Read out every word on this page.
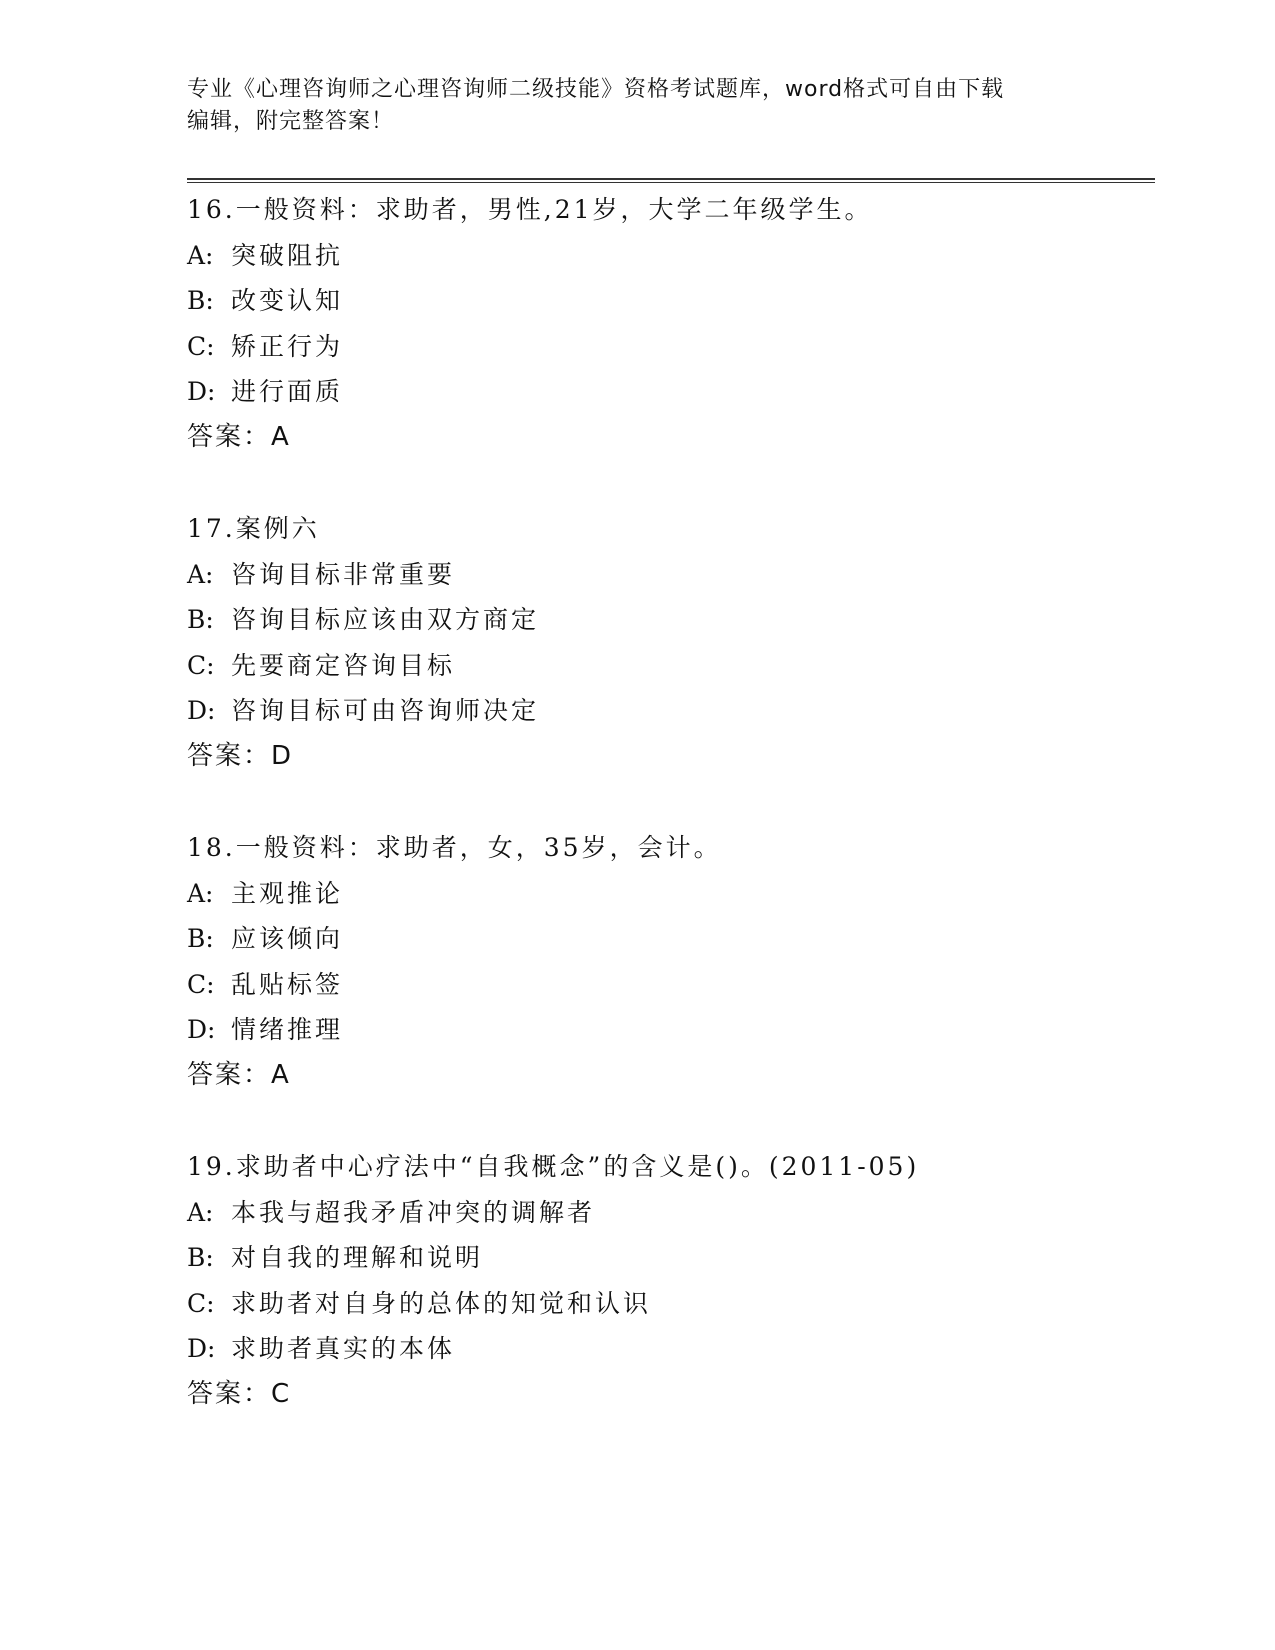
专业《心理咨询师之心理咨询师二级技能》资格考试题库，word格式可自由下载
编辑，附完整答案！
16.一般资料：求助者，男性,21岁，大学二年级学生。
A: 突破阻抗
B: 改变认知
C: 矫正行为
D: 进行面质
答案：A
17.案例六
A: 咨询目标非常重要
B: 咨询目标应该由双方商定
C: 先要商定咨询目标
D: 咨询目标可由咨询师决定
答案：D
18.一般资料：求助者，女，35岁，会计。
A: 主观推论
B: 应该倾向
C: 乱贴标签
D: 情绪推理
答案：A
19.求助者中心疗法中“自我概念”的含义是()。(2011-05)
A: 本我与超我矛盾冲突的调解者
B: 对自我的理解和说明
C: 求助者对自身的总体的知觉和认识
D: 求助者真实的本体
答案：C
